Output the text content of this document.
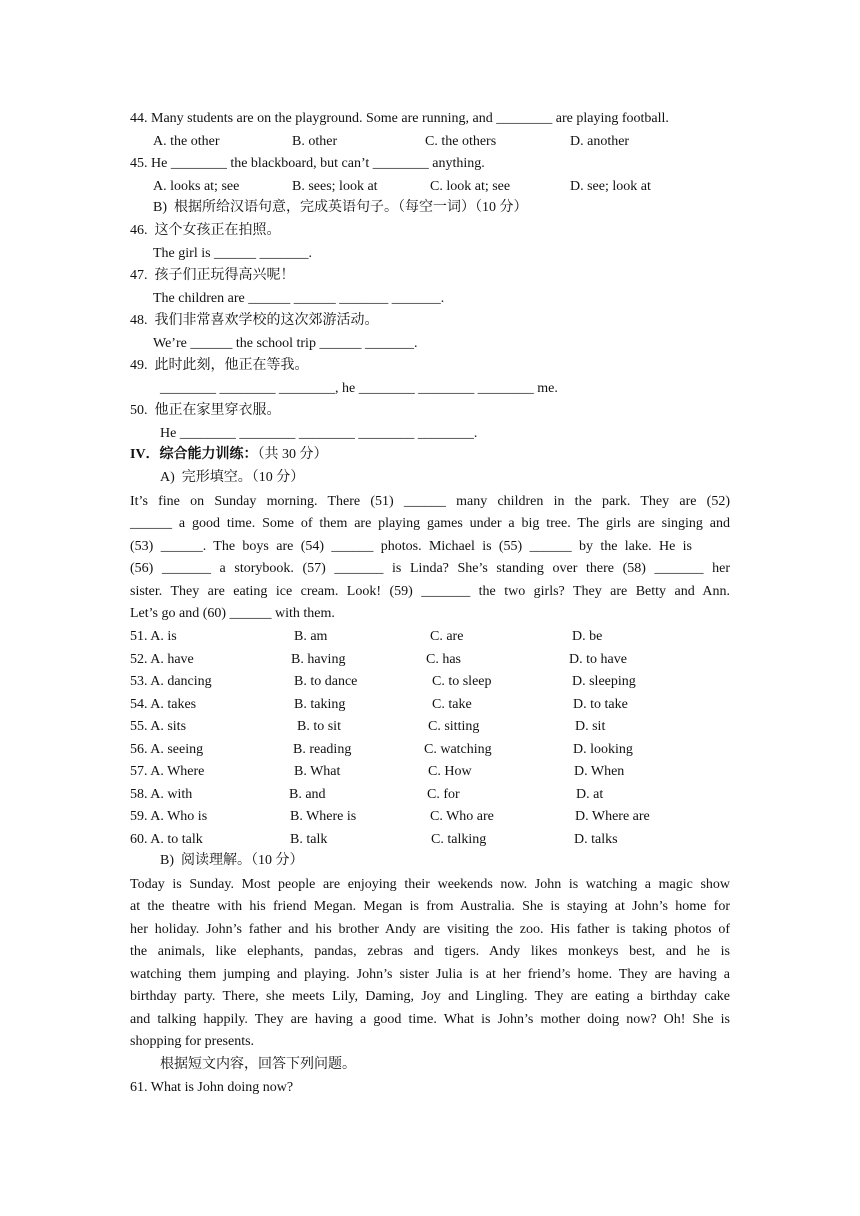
44. Many students are on the playground. Some are running, and ________ are playing football.
A. the other	B. other	C. the others	D. another
45. He ________ the blackboard, but can’t ________ anything.
A. looks at; see	B. sees; look at	C. look at; see	D. see; look at
B)  根据所给汉语句意，完成英语句子。（每空一词）（10 分）
46.  这个女孩正在拍照。
The girl is ______ _______.
47.  孩子们正玩得高兴呢！
The children are ______ ______ _______ _______.
48.  我们非常喜欢学校的这次郊游活动。
We’re ______ the school trip ______ _______.
49.  此时此刻，他正在等我。
________ ________ ________, he ________ ________ ________ me.
50.  他正在家里穿衣服。
He ________ ________ ________ ________ ________.
IV．综合能力训练：（共 30 分）
A)  完形填空。（10 分）
It’s fine on Sunday morning. There (51) ______ many children in the park. They are (52)
______ a good time. Some of them are playing games under a big tree. The girls are singing and
(53) ______. The boys are (54) ______ photos. Michael is (55) ______ by the lake. He is
(56) _______ a storybook. (57) _______ is Linda? She’s standing over there (58) _______ her
sister. They are eating ice cream. Look! (59) _______ the two girls? They are Betty and Ann.
Let’s go and (60) ______ with them.
51. A. is	B. am	C. are	D. be
52. A. have	B. having	C. has	D. to have
53. A. dancing	B. to dance	C. to sleep	D. sleeping
54. A. takes	B. taking	C. take	D. to take
55. A. sits	B. to sit	C. sitting	D. sit
56. A. seeing	B. reading	C. watching	D. looking
57. A. Where	B. What	C. How	D. When
58. A. with	B. and	C. for	D. at
59. A. Who is	B. Where is	C. Who are	D. Where are
60. A. to talk	B. talk	C. talking	D. talks
B)  阅读理解。（10 分）
Today is Sunday. Most people are enjoying their weekends now. John is watching a magic show
at the theatre with his friend Megan. Megan is from Australia. She is staying at John’s home for
her holiday. John’s father and his brother Andy are visiting the zoo. His father is taking photos of
the animals, like elephants, pandas, zebras and tigers. Andy likes monkeys best, and he is
watching them jumping and playing. John’s sister Julia is at her friend’s home. They are having a
birthday party. There, she meets Lily, Daming, Joy and Lingling. They are eating a birthday cake
and talking happily. They are having a good time. What is John’s mother doing now? Oh! She is
shopping for presents.
根据短文内容，回答下列问题。
61. What is John doing now?
